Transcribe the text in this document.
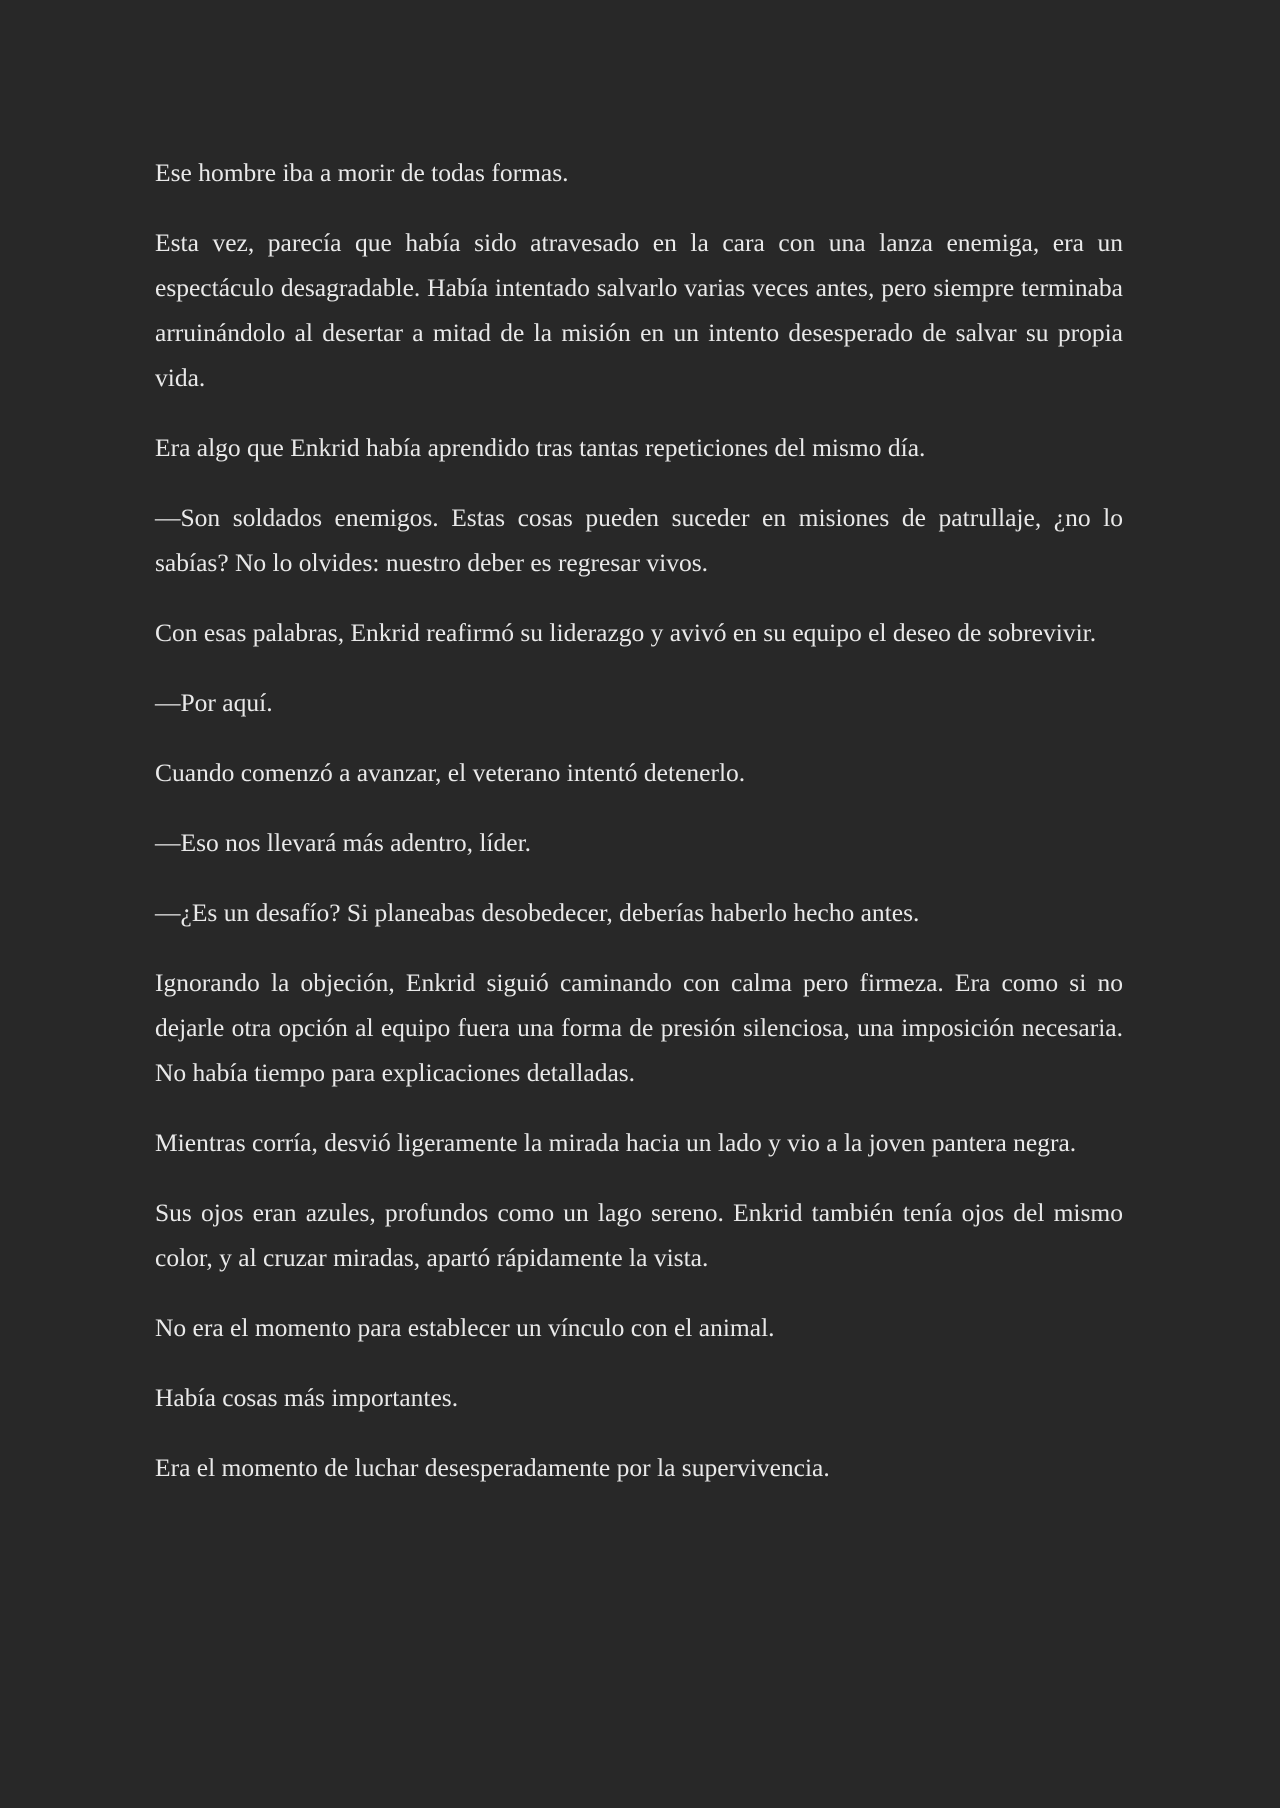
Ese hombre iba a morir de todas formas.

Esta vez, parecía que había sido atravesado en la cara con una lanza enemiga, era un espectáculo desagradable. Había intentado salvarlo varias veces antes, pero siempre terminaba arruinándolo al desertar a mitad de la misión en un intento desesperado de salvar su propia vida.

Era algo que Enkrid había aprendido tras tantas repeticiones del mismo día.

—Son soldados enemigos. Estas cosas pueden suceder en misiones de patrullaje, ¿no lo sabías? No lo olvides: nuestro deber es regresar vivos.

Con esas palabras, Enkrid reafirmó su liderazgo y avivó en su equipo el deseo de sobrevivir.

—Por aquí.

Cuando comenzó a avanzar, el veterano intentó detenerlo.

—Eso nos llevará más adentro, líder.

—¿Es un desafío? Si planeabas desobedecer, deberías haberlo hecho antes.

Ignorando la objeción, Enkrid siguió caminando con calma pero firmeza. Era como si no dejarle otra opción al equipo fuera una forma de presión silenciosa, una imposición necesaria. No había tiempo para explicaciones detalladas.

Mientras corría, desvió ligeramente la mirada hacia un lado y vio a la joven pantera negra.

Sus ojos eran azules, profundos como un lago sereno. Enkrid también tenía ojos del mismo color, y al cruzar miradas, apartó rápidamente la vista.

No era el momento para establecer un vínculo con el animal.

Había cosas más importantes.

Era el momento de luchar desesperadamente por la supervivencia.
